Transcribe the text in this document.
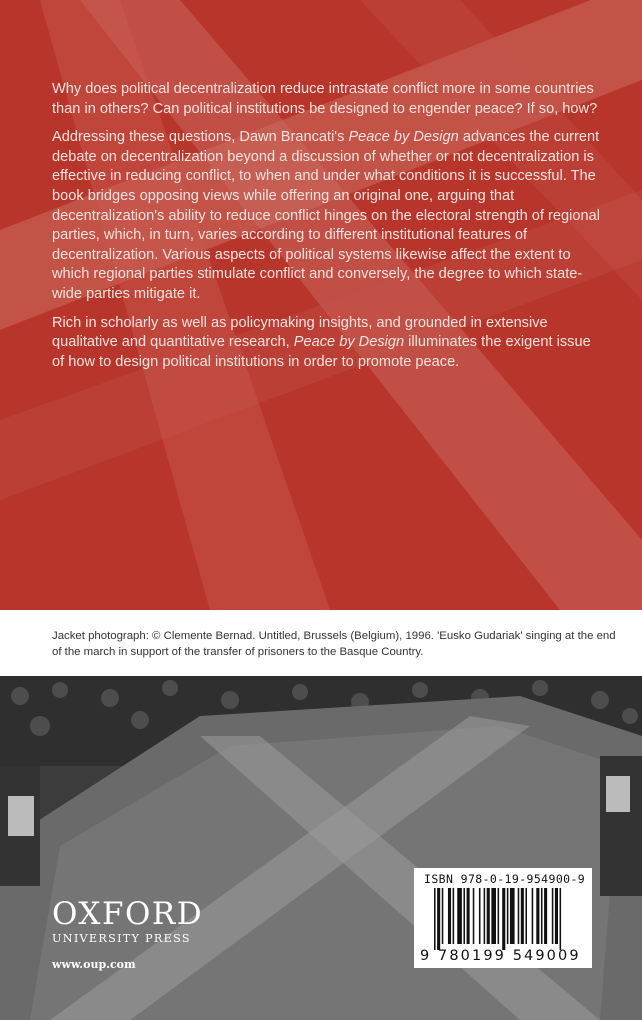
Why does political decentralization reduce intrastate conflict more in some countries than in others? Can political institutions be designed to engender peace? If so, how?

Addressing these questions, Dawn Brancati's Peace by Design advances the current debate on decentralization beyond a discussion of whether or not decentralization is effective in reducing conflict, to when and under what conditions it is successful. The book bridges opposing views while offering an original one, arguing that decentralization's ability to reduce conflict hinges on the electoral strength of regional parties, which, in turn, varies according to different institutional features of decentralization. Various aspects of political systems likewise affect the extent to which regional parties stimulate conflict and conversely, the degree to which state-wide parties mitigate it.

Rich in scholarly as well as policymaking insights, and grounded in extensive qualitative and quantitative research, Peace by Design illuminates the exigent issue of how to design political institutions in order to promote peace.

Jacket photograph: © Clemente Bernad. Untitled, Brussels (Belgium), 1996. 'Eusko Gudariak' singing at the end of the march in support of the transfer of prisoners to the Basque Country.

OXFORD
UNIVERSITY PRESS
www.oup.com
ISBN 978-0-19-954900-9
9 780199 549009
